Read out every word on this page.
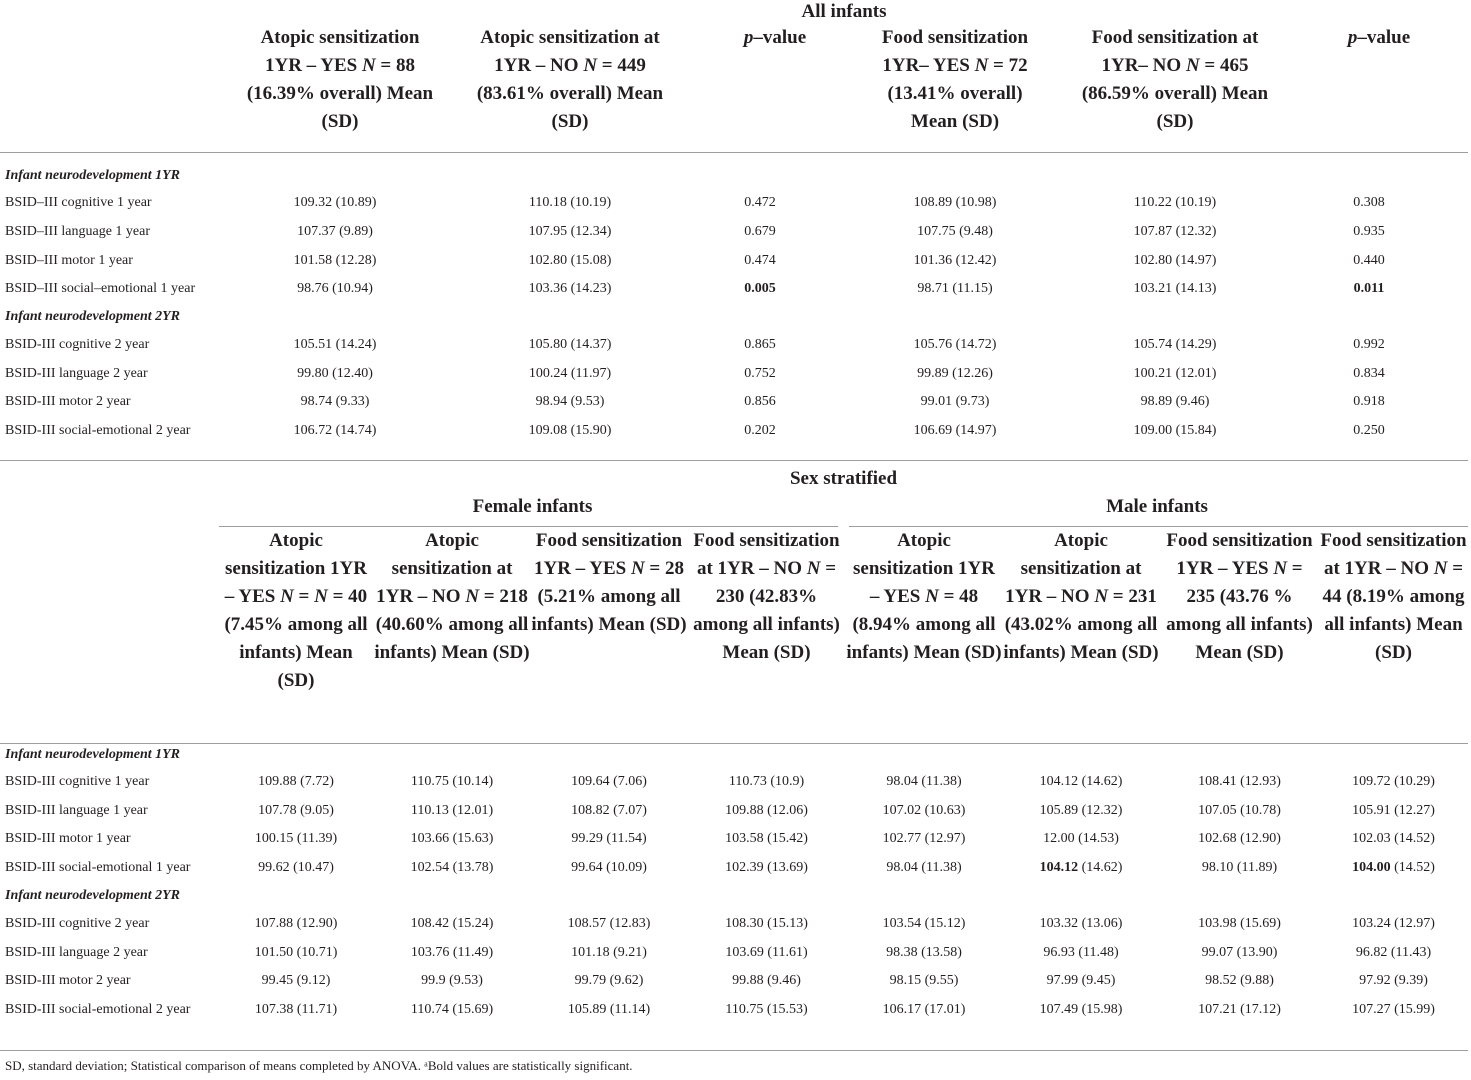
	All infants					
	Atopic sensitization 1YR – YES N = 88 (16.39% overall) Mean (SD)	Atopic sensitization at 1YR – NO N = 449 (83.61% overall) Mean (SD)	p–value	Food sensitization 1YR– YES N = 72 (13.41% overall) Mean (SD)	Food sensitization at 1YR– NO N = 465 (86.59% overall) Mean (SD)	p–value

Infant neurodevelopment 1YR						
BSID–III cognitive 1 year	109.32 (10.89)	110.18 (10.19)	0.472	108.89 (10.98)	110.22 (10.19)	0.308
BSID–III language 1 year	107.37 (9.89)	107.95 (12.34)	0.679	107.75 (9.48)	107.87 (12.32)	0.935
BSID–III motor 1 year	101.58 (12.28)	102.80 (15.08)	0.474	101.36 (12.42)	102.80 (14.97)	0.440
BSID–III social–emotional 1 year	98.76 (10.94)	103.36 (14.23)	0.005	98.71 (11.15)	103.21 (14.13)	0.011
Infant neurodevelopment 2YR						
BSID-III cognitive 2 year	105.51 (14.24)	105.80 (14.37)	0.865	105.76 (14.72)	105.74 (14.29)	0.992
BSID-III language 2 year	99.80 (12.40)	100.24 (11.97)	0.752	99.89 (12.26)	100.21 (12.01)	0.834
BSID-III motor 2 year	98.74 (9.33)	98.94 (9.53)	0.856	99.01 (9.73)	98.89 (9.46)	0.918
BSID-III social-emotional 2 year	106.72 (14.74)	109.08 (15.90)	0.202	106.69 (14.97)	109.00 (15.84)	0.250
	Sex stratified							
	Female infants				Male infants			
	Atopic sensitization 1YR – YES N = N = 40 (7.45% among all infants) Mean (SD)	Atopic sensitization at 1YR – NO N = 218 (40.60% among all infants) Mean (SD)	Food sensitization 1YR – YES N = 28 (5.21% among all infants) Mean (SD)	Food sensitization at 1YR – NO N = 230 (42.83% among all infants) Mean (SD)	Atopic sensitization 1YR – YES N = 48 (8.94% among all infants) Mean (SD)	Atopic sensitization at 1YR – NO N = 231 (43.02% among all infants) Mean (SD)	Food sensitization 1YR – YES N = 235 (43.76 % among all infants) Mean (SD)	Food sensitization at 1YR – NO N = 44 (8.19% among all infants) Mean (SD)

Infant neurodevelopment 1YR								
BSID-III cognitive 1 year	109.88 (7.72)	110.75 (10.14)	109.64 (7.06)	110.73 (10.9)	98.04 (11.38)	104.12 (14.62)	108.41 (12.93)	109.72 (10.29)
BSID-III language 1 year	107.78 (9.05)	110.13 (12.01)	108.82 (7.07)	109.88 (12.06)	107.02 (10.63)	105.89 (12.32)	107.05 (10.78)	105.91 (12.27)
BSID-III motor 1 year	100.15 (11.39)	103.66 (15.63)	99.29 (11.54)	103.58 (15.42)	102.77 (12.97)	12.00 (14.53)	102.68 (12.90)	102.03 (14.52)
BSID-III social-emotional 1 year	99.62 (10.47)	102.54 (13.78)	99.64 (10.09)	102.39 (13.69)	98.04 (11.38)	104.12 (14.62)	98.10 (11.89)	104.00 (14.52)
Infant neurodevelopment 2YR								
BSID-III cognitive 2 year	107.88 (12.90)	108.42 (15.24)	108.57 (12.83)	108.30 (15.13)	103.54 (15.12)	103.32 (13.06)	103.98 (15.69)	103.24 (12.97)
BSID-III language 2 year	101.50 (10.71)	103.76 (11.49)	101.18 (9.21)	103.69 (11.61)	98.38 (13.58)	96.93 (11.48)	99.07 (13.90)	96.82 (11.43)
BSID-III motor 2 year	99.45 (9.12)	99.9 (9.53)	99.79 (9.62)	99.88 (9.46)	98.15 (9.55)	97.99 (9.45)	98.52 (9.88)	97.92 (9.39)
BSID-III social-emotional 2 year	107.38 (11.71)	110.74 (15.69)	105.89 (11.14)	110.75 (15.53)	106.17 (17.01)	107.49 (15.98)	107.21 (17.12)	107.27 (15.99)
SD, standard deviation; Statistical comparison of means completed by ANOVA. ᵃBold values are statistically significant.
